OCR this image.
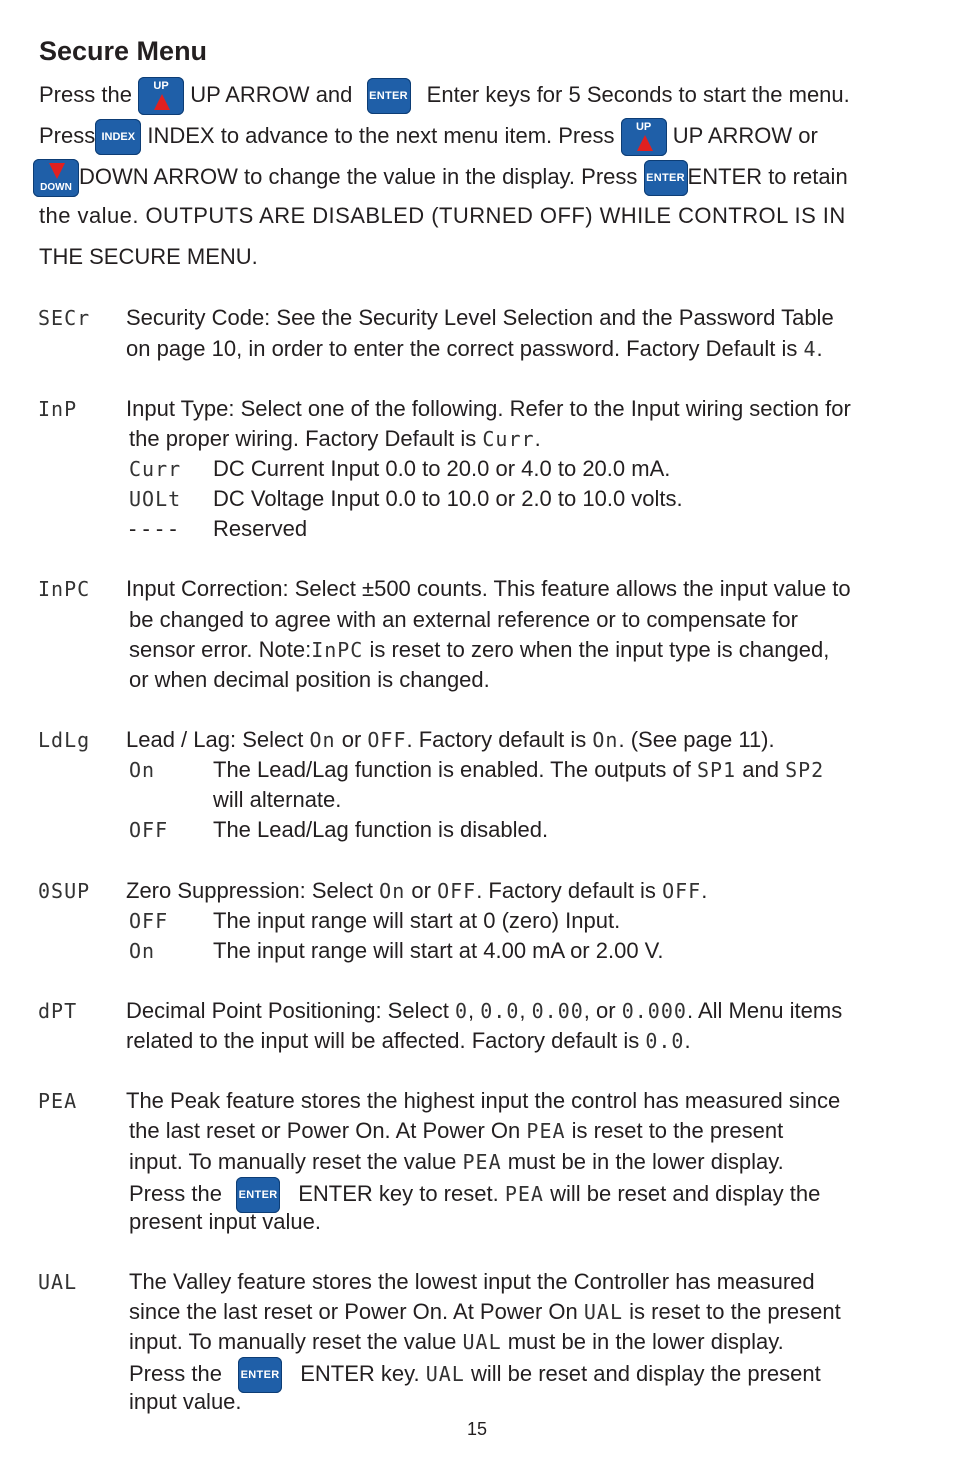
Secure Menu
Press the	UP UP ARROW and ENTER Enter keys for 5 Seconds to start the menu.
Press INDEX INDEX to advance to the next menu item. Press	UP UP ARROW or
DOWN DOWN ARROW to change the value in the display. Press ENTER ENTER to retain
the value. OUTPUTS ARE DISABLED (TURNED OFF) WHILE CONTROL IS IN
THE SECURE MENU.
SECr Security Code: See the Security Level Selection and the Password Table
on page 10, in order to enter the correct password. Factory Default is 4.
InP Input Type: Select one of the following. Refer to the Input wiring section for
the proper wiring. Factory Default is Curr.
Curr DC Current Input 0.0 to 20.0 or 4.0 to 20.0 mA.
UOLt DC Voltage Input 0.0 to 10.0 or 2.0 to 10.0 volts.
- - - - Reserved
InPC Input Correction: Select ±500 counts. This feature allows the input value to
be changed to agree with an external reference or to compensate for
sensor error. Note:InPC is reset to zero when the input type is changed,
or when decimal position is changed.
LdLg Lead / Lag: Select On or OFF. Factory default is On. (See page 11).
On	The Lead/Lag function is enabled. The outputs of SP1 and SP2
will alternate.
OFF The Lead/Lag function is disabled.
0SUP Zero Suppression: Select On or OFF. Factory default is OFF.
OFF The input range will start at 0 (zero) Input.
On	The input range will start at 4.00 mA or 2.00 V.
dPT Decimal Point Positioning: Select 0, 0.0, 0.00, or 0.000. All Menu items
related to the input will be affected. Factory default is 0.0.
PEA The Peak feature stores the highest input the control has measured since
the last reset or Power On. At Power On PEA is reset to the present
input. To manually reset the value PEA must be in the lower display.
Press the ENTER ENTER key to reset. PEA will be reset and display the
present input value.
UAL The Valley feature stores the lowest input the Controller has measured
since the last reset or Power On. At Power On UAL is reset to the present
input. To manually reset the value UAL must be in the lower display.
Press the ENTER ENTER key. UAL will be reset and display the present
input value.
15
